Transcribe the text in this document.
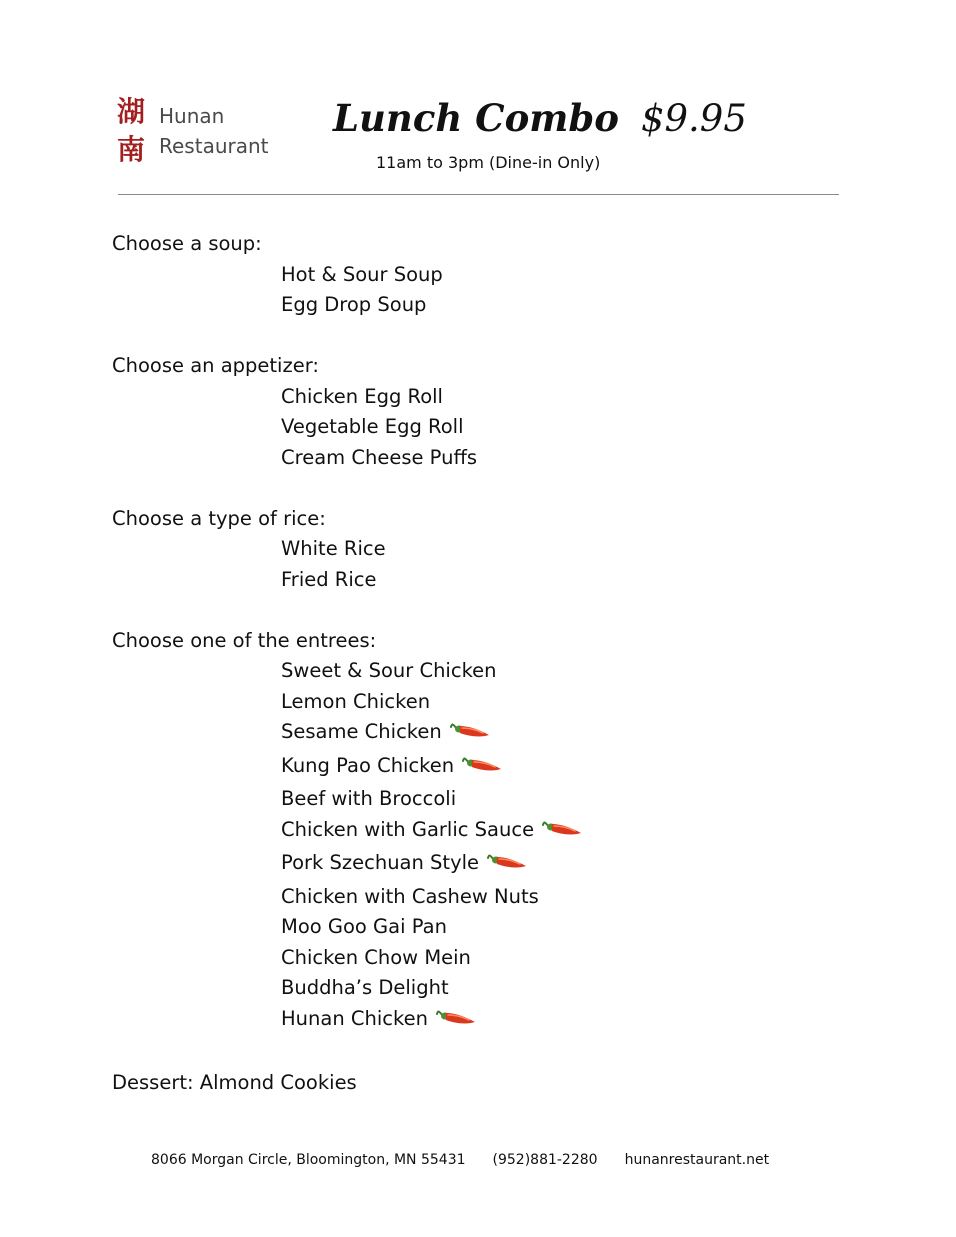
湖
南
Hunan
Restaurant
Lunch Combo $9.95
11am to 3pm (Dine-in Only)
Choose a soup:
Hot & Sour Soup
Egg Drop Soup
Choose an appetizer:
Chicken Egg Roll
Vegetable Egg Roll
Cream Cheese Puffs
Choose a type of rice:
White Rice
Fried Rice
Choose one of the entrees:
Sweet & Sour Chicken
Lemon Chicken
Sesame Chicken
Kung Pao Chicken
Beef with Broccoli
Chicken with Garlic Sauce
Pork Szechuan Style
Chicken with Cashew Nuts
Moo Goo Gai Pan
Chicken Chow Mein
Buddha’s Delight
Hunan Chicken
Dessert: Almond Cookies
8066 Morgan Circle, Bloomington, MN 55431 (952)881-2280 hunanrestaurant.net
